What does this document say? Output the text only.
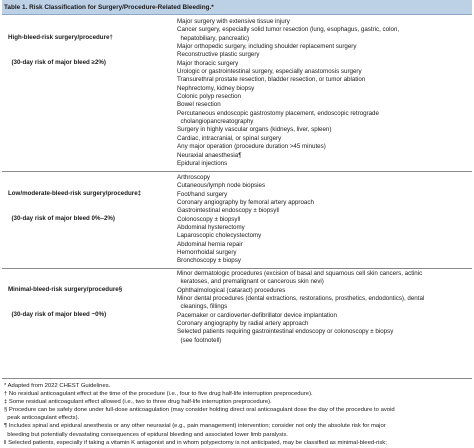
Table 1. Risk Classification for Surgery/Procedure-Related Bleeding.*

High-bleed-risk surgery/procedure†

(30-day risk of major bleed ≥2%)

Major surgery with extensive tissue injury
Cancer surgery, especially solid tumor resection (lung, esophagus, gastric, colon,
hepatobiliary, pancreatic)
Major orthopedic surgery, including shoulder replacement surgery
Reconstructive plastic surgery
Major thoracic surgery
Urologic or gastrointestinal surgery, especially anastomosis surgery
Transurethral prostate resection, bladder resection, or tumor ablation
Nephrectomy, kidney biopsy
Colonic polyp resection
Bowel resection
Percutaneous endoscopic gastrostomy placement, endoscopic retrograde
cholangiopancreatography
Surgery in highly vascular organs (kidneys, liver, spleen)
Cardiac, intracranial, or spinal surgery
Any major operation (procedure duration >45 minutes)
Neuraxial anaesthesia¶
Epidural injections

Low/moderate-bleed-risk surgery/procedure‡

(30-day risk of major bleed 0%–2%)

Arthroscopy
Cutaneous/lymph node biopsies
Foot/hand surgery
Coronary angiography by femoral artery approach
Gastrointestinal endoscopy ± biopsy‖
Colonoscopy ± biopsy‖
Abdominal hysterectomy
Laparoscopic cholecystectomy
Abdominal hernia repair
Hemorrhoidal surgery
Bronchoscopy ± biopsy

Minimal-bleed-risk surgery/procedure§

(30-day risk of major bleed ~0%)

Minor dermatologic procedures (excision of basal and squamous cell skin cancers, actinic
keratoses, and premalignant or cancerous skin nevi)
Ophthalmological (cataract) procedures
Minor dental procedures (dental extractions, restorations, prosthetics, endodontics), dental
cleanings, fillings
Pacemaker or cardioverter-defibrillator device implantation
Coronary angiography by radial artery approach
Selected patients requiring gastrointestinal endoscopy or colonoscopy ± biopsy
(see footnote‖)
* Adapted from 2022 CHEST Guidelines.
† No residual anticoagulant effect at the time of the procedure (i.e., four to five drug half-life interruption preprocedure).
‡ Some residual anticoagulant effect allowed (i.e., two to three drug half-life interruption preprocedure).
§ Procedure can be safely done under full-dose anticoagulation (may consider holding direct oral anticoagulant dose the day of the procedure to avoid
peak anticoagulant effects).
¶ Includes spinal and epidural anesthesia or any other neuraxial (e.g., pain management) intervention; consider not only the absolute risk for major
bleeding but potentially devastating consequences of epidural bleeding and associated lower limb paralysis.
‖ Selected patients, especially if taking a vitamin K antagonist and in whom polypectomy is not anticipated, may be classified as minimal-bleed-risk;
